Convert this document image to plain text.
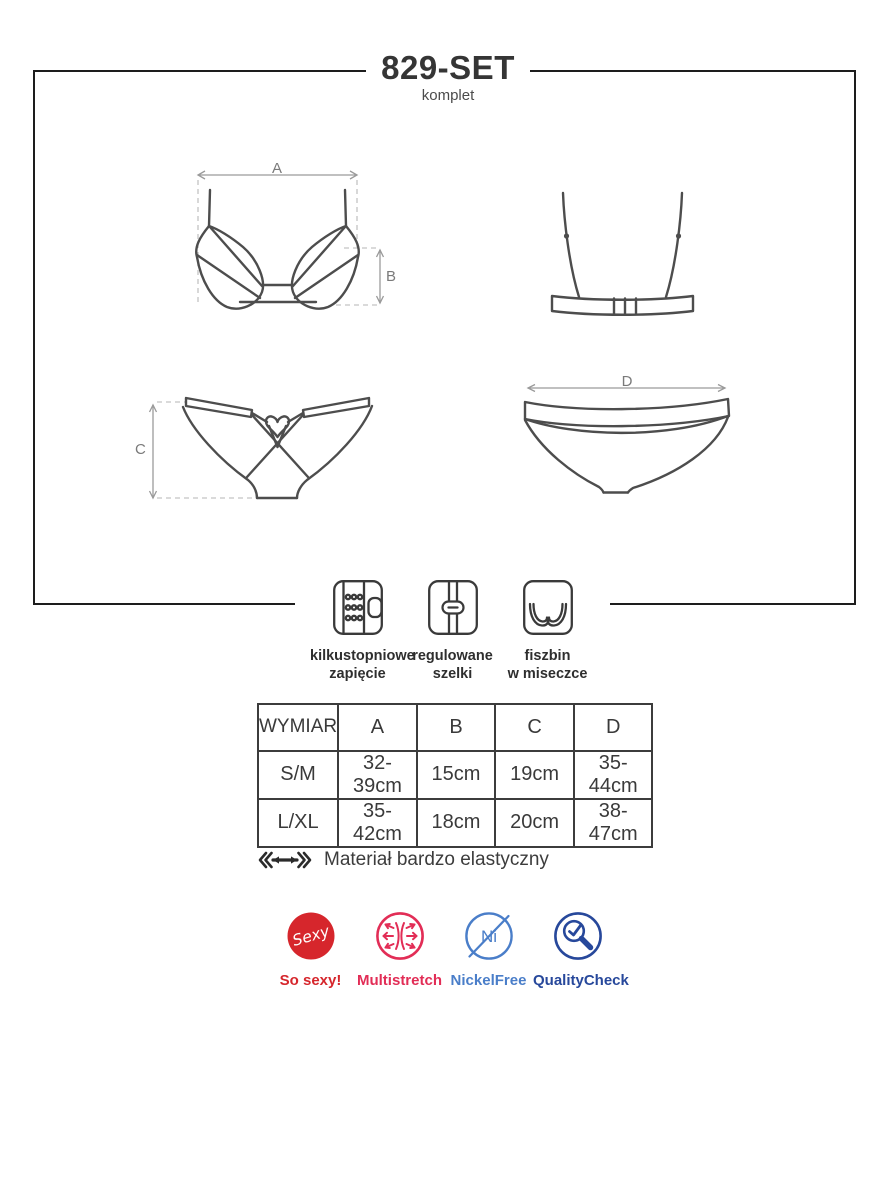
829-SET
komplet
A
B
C
D
kilkustopniowe
zapięcie
regulowane
szelki
fiszbin
w miseczce
WYMIAR	A	B	C	D
S/M	32-39cm	15cm	19cm	35-44cm
L/XL	35-42cm	18cm	20cm	38-47cm
Materiał bardzo elastyczny
Sexy
So sexy!	Multistretch
Ni
NickelFree QualityCheck
